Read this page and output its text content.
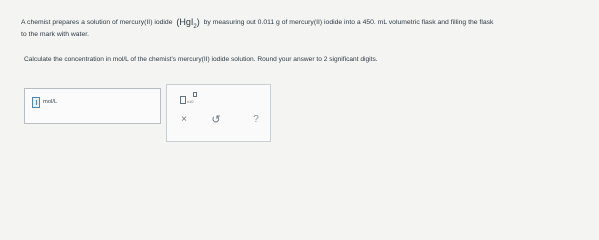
A chemist prepares a solution of mercury(II) iodide (HgI$_2$) by measuring out 0.011 g of mercury(II) iodide into a 450. mL volumetric flask and filling the flask
to the mark with water.
Calculate the concentration in mol/L of the chemist's mercury(II) iodide solution. Round your answer to 2 significant digits.
mol/L	x10
× ↺	?
